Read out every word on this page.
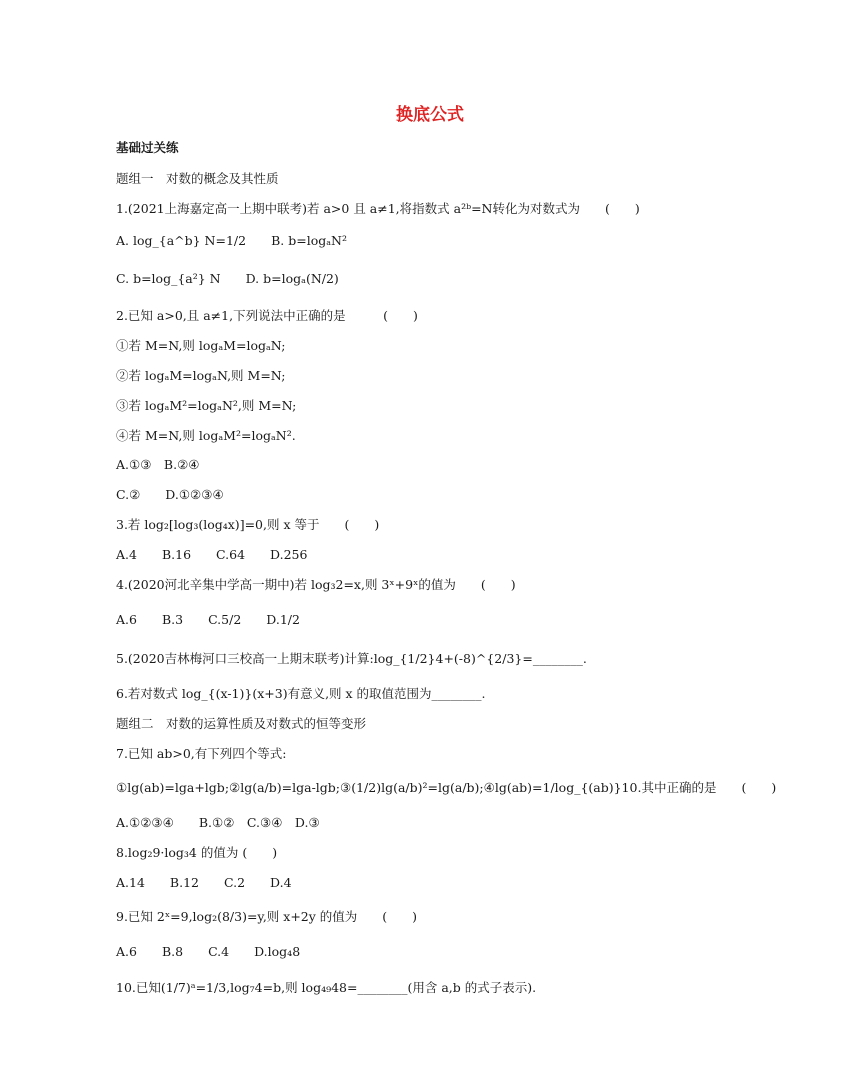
换底公式
基础过关练
题组一　对数的概念及其性质
1.(2021上海嘉定高一上期中联考)若 a>0 且 a≠1,将指数式 a²ᵇ=N转化为对数式为　　(　　)
A. log_{a^b} N=1/2　　B. b=logₐN²
C. b=log_{a²} N　　D. b=logₐ(N/2)
2.已知 a>0,且 a≠1,下列说法中正确的是　　　(　　)
①若 M=N,则 logₐM=logₐN;
②若 logₐM=logₐN,则 M=N;
③若 logₐM²=logₐN²,则 M=N;
④若 M=N,则 logₐM²=logₐN².
A.①③　B.②④
C.②　　D.①②③④
3.若 log₂[log₃(log₄x)]=0,则 x 等于　　(　　)
A.4　　B.16　　C.64　　D.256
4.(2020河北辛集中学高一期中)若 log₃2=x,则 3ˣ+9ˣ的值为　　(　　)
A.6　　B.3　　C.5/2　　D.1/2
5.(2020吉林梅河口三校高一上期末联考)计算:log_{1/2}4+(-8)^{2/3}=________.
6.若对数式 log_{(x-1)}(x+3)有意义,则 x 的取值范围为________.
题组二　对数的运算性质及对数式的恒等变形
7.已知 ab>0,有下列四个等式:
①lg(ab)=lga+lgb;②lg(a/b)=lga-lgb;③(1/2)lg(a/b)²=lg(a/b);④lg(ab)=1/log_{(ab)}10.其中正确的是　　(　　)
A.①②③④　　B.①②　C.③④　D.③
8.log₂9·log₃4 的值为 (　　)
A.14　　B.12　　C.2　　D.4
9.已知 2ˣ=9,log₂(8/3)=y,则 x+2y 的值为　　(　　)
A.6　　B.8　　C.4　　D.log₄8
10.已知(1/7)ᵃ=1/3,log₇4=b,则 log₄₉48=________(用含 a,b 的式子表示).
